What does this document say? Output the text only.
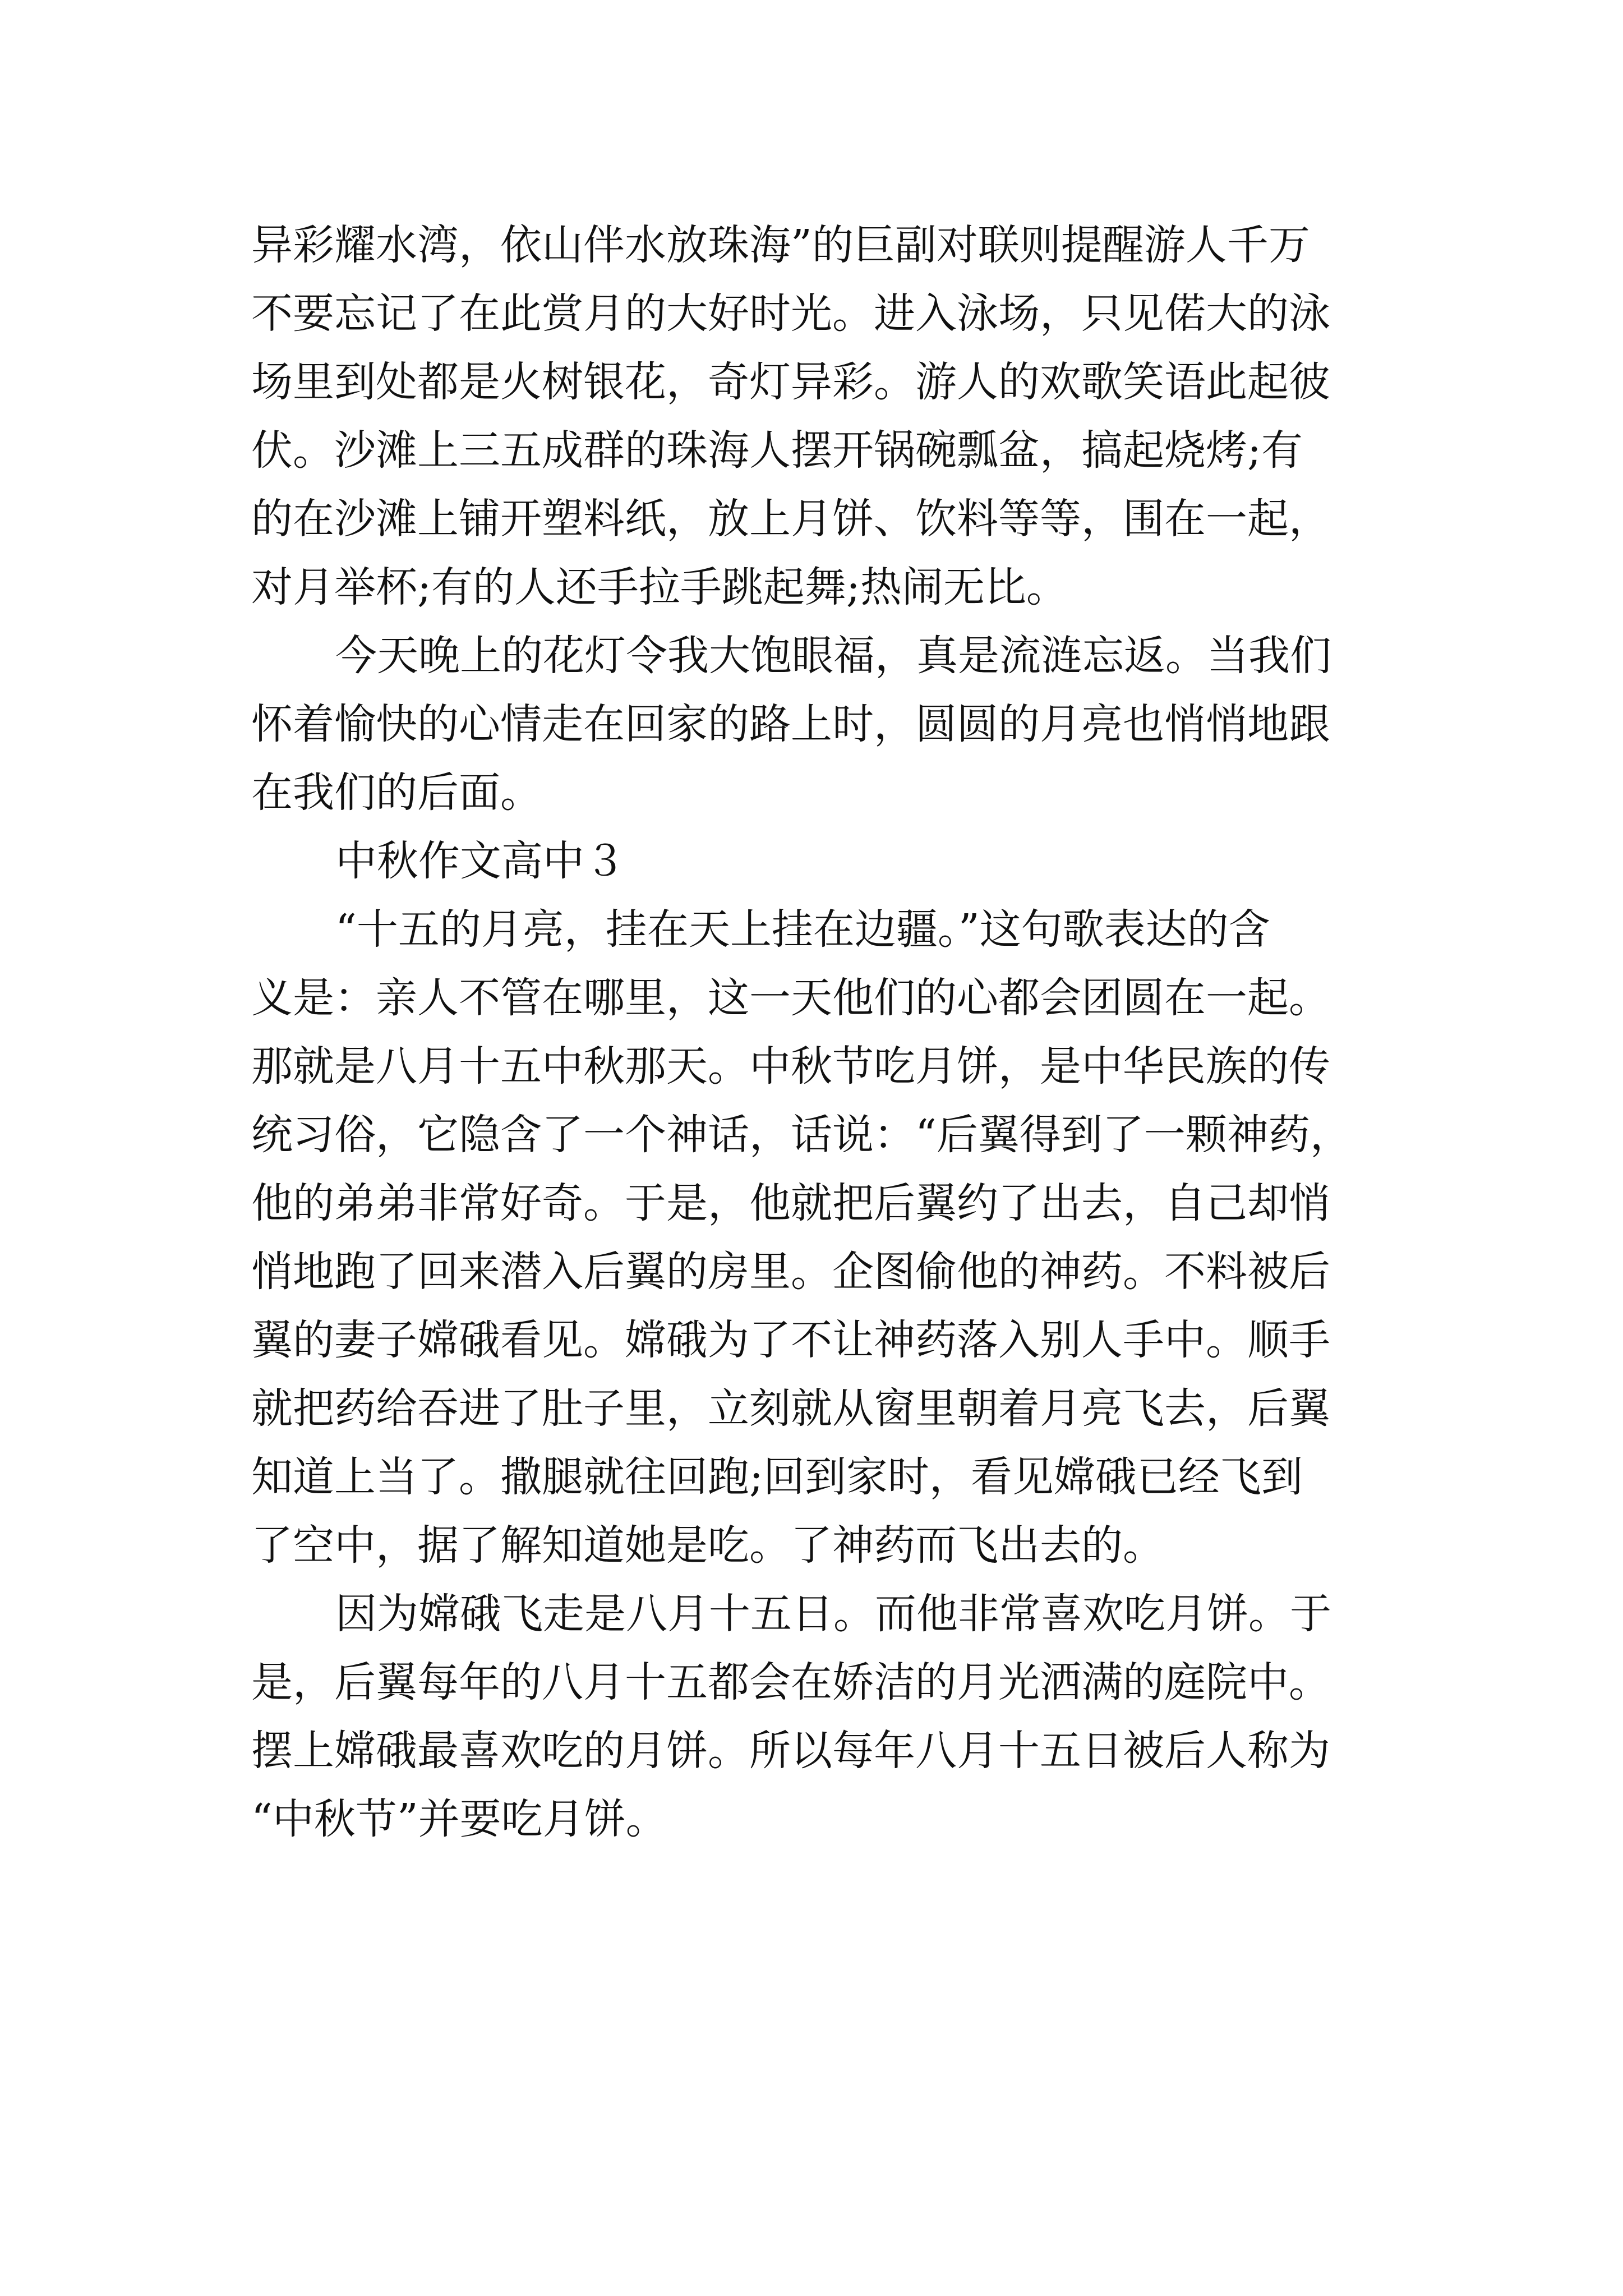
异彩耀水湾，依山伴水放珠海”的巨副对联则提醒游人千万
不要忘记了在此赏月的大好时光。进入泳场，只见偌大的泳
场里到处都是火树银花，奇灯异彩。游人的欢歌笑语此起彼
伏。沙滩上三五成群的珠海人摆开锅碗瓢盆，搞起烧烤;有
的在沙滩上铺开塑料纸，放上月饼、饮料等等，围在一起，
对月举杯;有的人还手拉手跳起舞;热闹无比。
今天晚上的花灯令我大饱眼福，真是流涟忘返。当我们
怀着愉快的心情走在回家的路上时，圆圆的月亮也悄悄地跟
在我们的后面。
中秋作文高中３
“十五的月亮，挂在天上挂在边疆。”这句歌表达的含
义是：亲人不管在哪里，这一天他们的心都会团圆在一起。
那就是八月十五中秋那天。中秋节吃月饼，是中华民族的传
统习俗，它隐含了一个神话，话说：“后翼得到了一颗神药，
他的弟弟非常好奇。于是，他就把后翼约了出去，自己却悄
悄地跑了回来潜入后翼的房里。企图偷他的神药。不料被后
翼的妻子嫦硪看见。嫦硪为了不让神药落入别人手中。顺手
就把药给吞进了肚子里，立刻就从窗里朝着月亮飞去，后翼
知道上当了。撒腿就往回跑;回到家时，看见嫦硪已经飞到
了空中，据了解知道她是吃。了神药而飞出去的。
因为嫦硪飞走是八月十五日。而他非常喜欢吃月饼。于
是，后翼每年的八月十五都会在娇洁的月光洒满的庭院中。
摆上嫦硪最喜欢吃的月饼。所以每年八月十五日被后人称为
“中秋节”并要吃月饼。
